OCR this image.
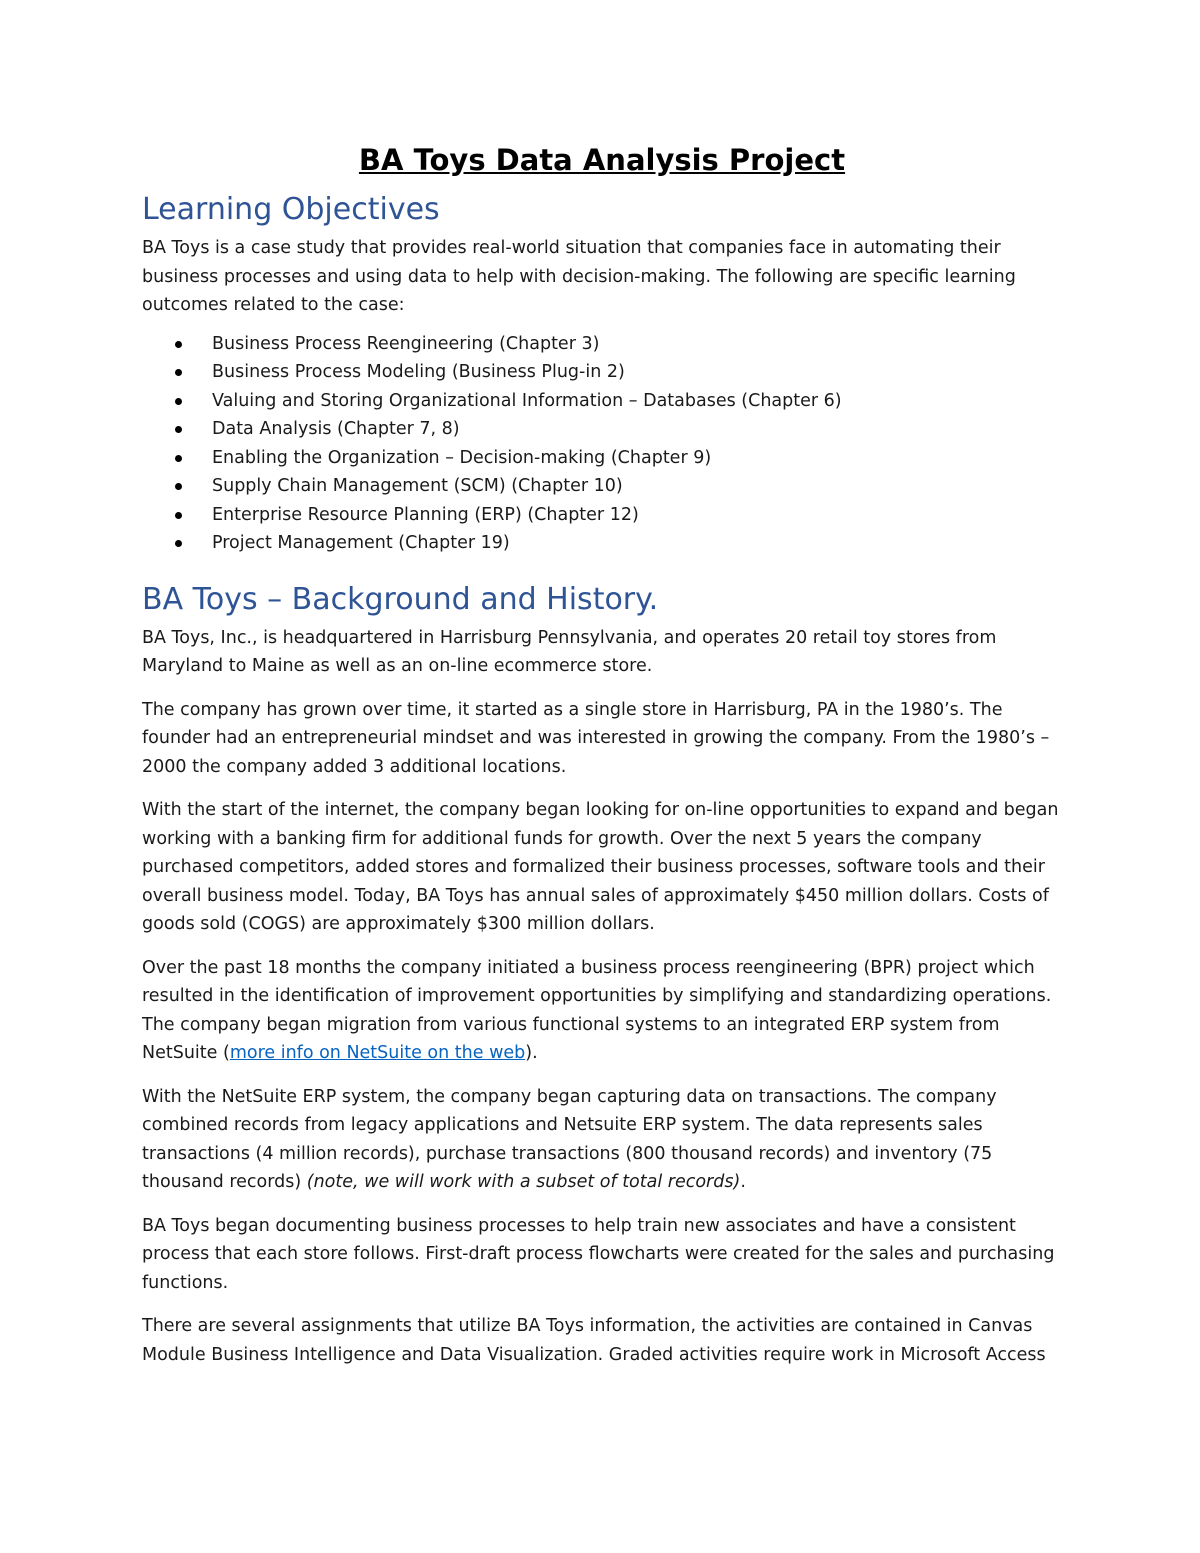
BA Toys Data Analysis Project
Learning Objectives

BA Toys is a case study that provides real-world situation that companies face in automating their business processes and using data to help with decision-making. The following are specific learning outcomes related to the case:

Business Process Reengineering (Chapter 3)
Business Process Modeling (Business Plug-in 2)
Valuing and Storing Organizational Information – Databases (Chapter 6)
Data Analysis (Chapter 7, 8)
Enabling the Organization – Decision-making (Chapter 9)
Supply Chain Management (SCM) (Chapter 10)
Enterprise Resource Planning (ERP) (Chapter 12)
Project Management (Chapter 19)
BA Toys – Background and History.

BA Toys, Inc., is headquartered in Harrisburg Pennsylvania, and operates 20 retail toy stores from Maryland to Maine as well as an on-line ecommerce store.

The company has grown over time, it started as a single store in Harrisburg, PA in the 1980’s. The founder had an entrepreneurial mindset and was interested in growing the company. From the 1980’s – 2000 the company added 3 additional locations.

With the start of the internet, the company began looking for on-line opportunities to expand and began working with a banking firm for additional funds for growth. Over the next 5 years the company purchased competitors, added stores and formalized their business processes, software tools and their overall business model. Today, BA Toys has annual sales of approximately $450 million dollars. Costs of goods sold (COGS) are approximately $300 million dollars.

Over the past 18 months the company initiated a business process reengineering (BPR) project which resulted in the identification of improvement opportunities by simplifying and standardizing operations. The company began migration from various functional systems to an integrated ERP system from NetSuite (more info on NetSuite on the web).

With the NetSuite ERP system, the company began capturing data on transactions. The company combined records from legacy applications and Netsuite ERP system. The data represents sales transactions (4 million records), purchase transactions (800 thousand records) and inventory (75 thousand records) (note, we will work with a subset of total records).

BA Toys began documenting business processes to help train new associates and have a consistent process that each store follows. First-draft process flowcharts were created for the sales and purchasing functions.

There are several assignments that utilize BA Toys information, the activities are contained in Canvas Module Business Intelligence and Data Visualization. Graded activities require work in Microsoft Access
